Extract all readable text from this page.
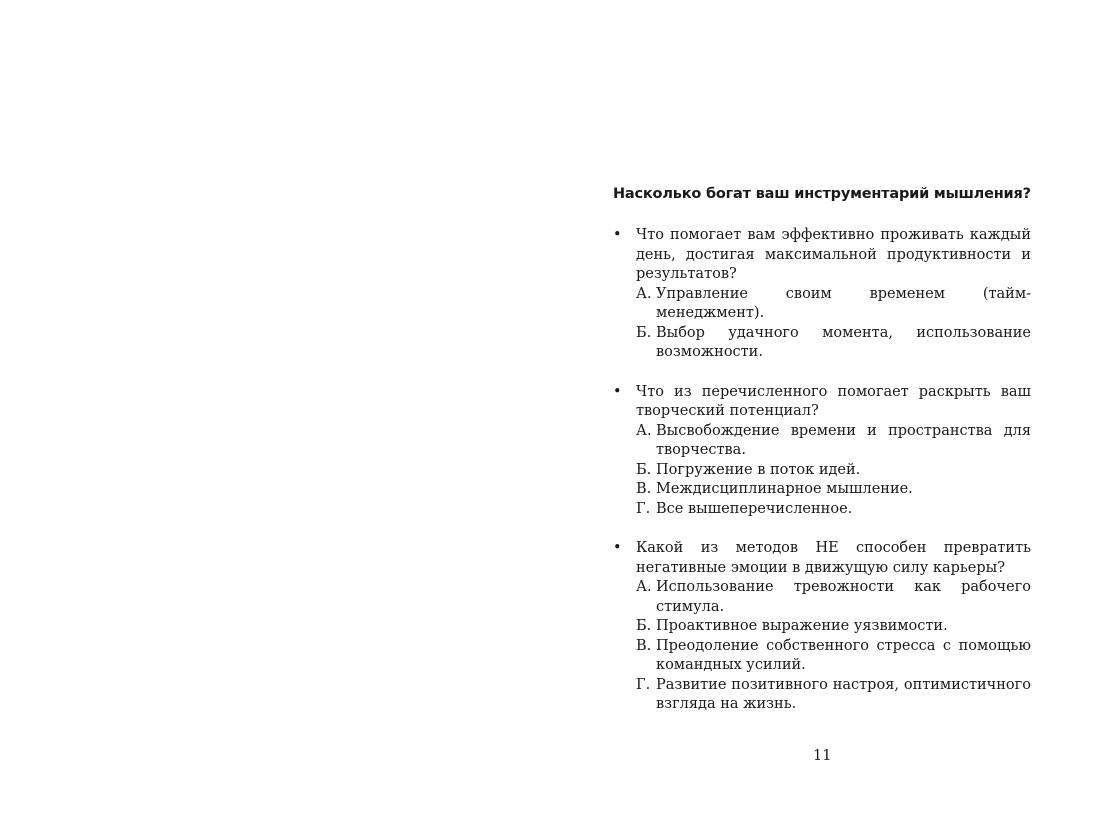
Насколько богат ваш инструментарий мышления?
• Что помогает вам эффективно проживать каждый день, достигая максимальной продуктивности и результатов?
А. Управление своим временем (тайм-менеджмент).
Б. Выбор удачного момента, использование возможности.
• Что из перечисленного помогает раскрыть ваш творческий потенциал?
А. Высвобождение времени и пространства для творчества.
Б. Погружение в поток идей.
В. Междисциплинарное мышление.
Г. Все вышеперечисленное.
• Какой из методов НЕ способен превратить негативные эмоции в движущую силу карьеры?
А. Использование тревожности как рабочего стимула.
Б. Проактивное выражение уязвимости.
В. Преодоление собственного стресса с помощью командных усилий.
Г. Развитие позитивного настроя, оптимистичного взгляда на жизнь.
11
